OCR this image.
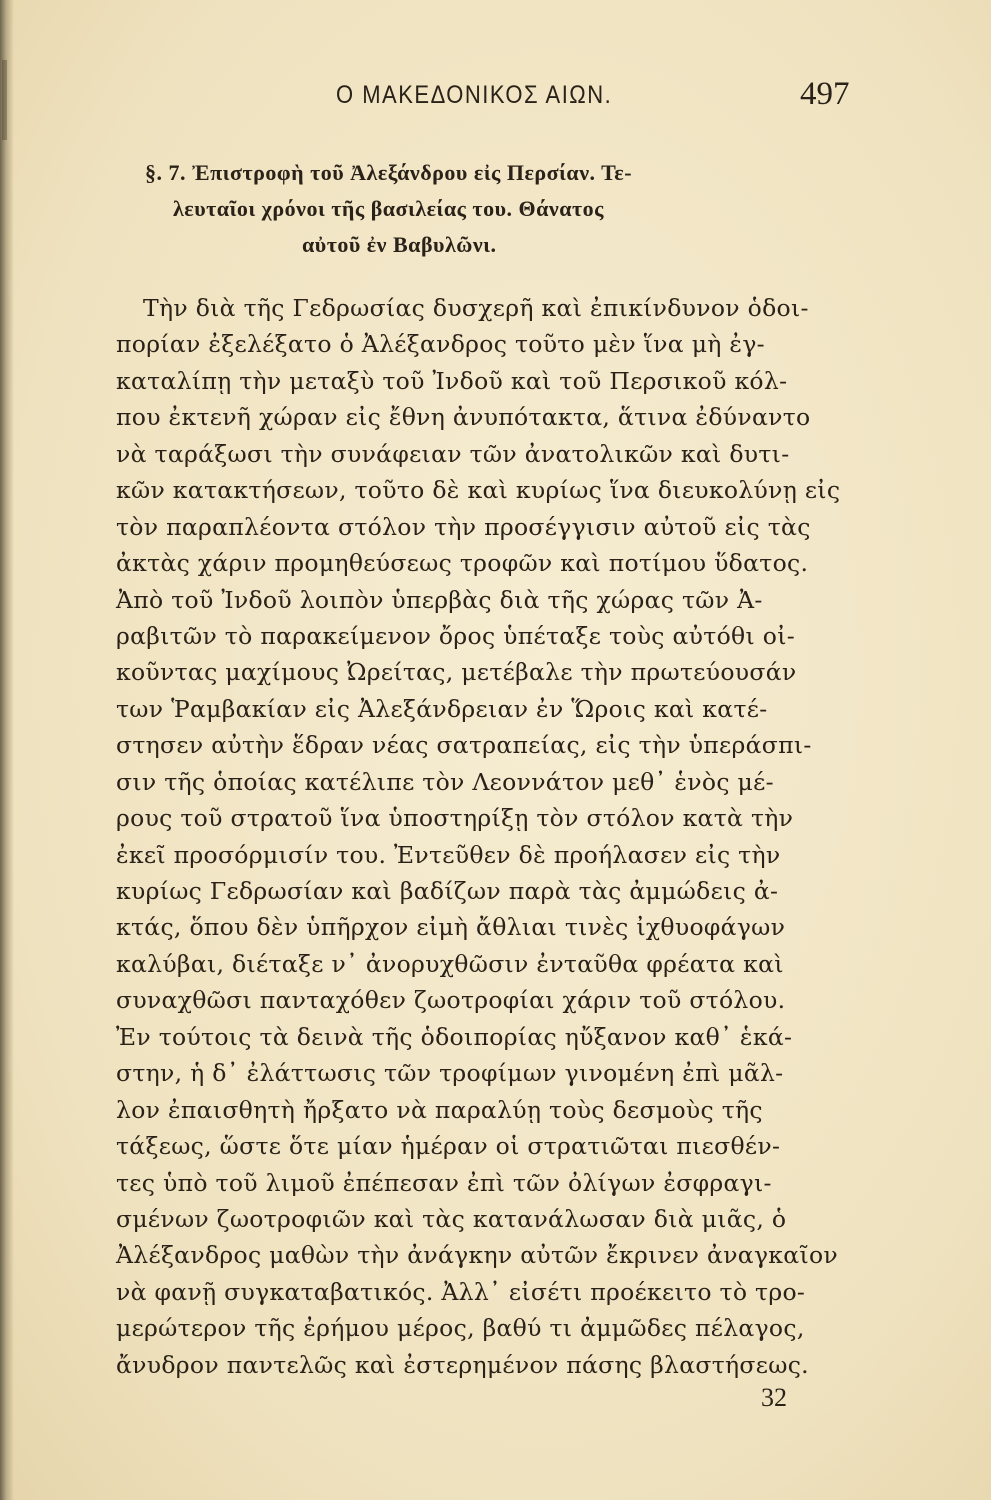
Ο ΜΑΚΕΔΟΝΙΚΟΣ ΑΙΩΝ.	497
§. 7. Ἐπιστροφὴ τοῦ Ἀλεξάνδρου εἰς Περσίαν. Τε-
λευταῖοι χρόνοι τῆς βασιλείας του. Θάνατος
αὐτοῦ ἐν Βαβυλῶνι.
Τὴν διὰ τῆς Γεδρωσίας δυσχερῆ καὶ ἐπικίνδυνον ὁδοι-
πορίαν ἐξελέξατο ὁ Ἀλέξανδρος τοῦτο μὲν ἵνα μὴ ἐγ-
καταλίπῃ τὴν μεταξὺ τοῦ Ἰνδοῦ καὶ τοῦ Περσικοῦ κόλ-
που ἐκτενῆ χώραν εἰς ἔθνη ἀνυπότακτα, ἅτινα ἐδύναντο
νὰ ταράξωσι τὴν συνάφειαν τῶν ἀνατολικῶν καὶ δυτι-
κῶν κατακτήσεων, τοῦτο δὲ καὶ κυρίως ἵνα διευκολύνῃ εἰς
τὸν παραπλέοντα στόλον τὴν προσέγγισιν αὐτοῦ εἰς τὰς
ἀκτὰς χάριν προμηθεύσεως τροφῶν καὶ ποτίμου ὕδατος.
Ἀπὸ τοῦ Ἰνδοῦ λοιπὸν ὑπερβὰς διὰ τῆς χώρας τῶν Ἀ-
ραβιτῶν τὸ παρακείμενον ὄρος ὑπέταξε τοὺς αὐτόθι οἰ-
κοῦντας μαχίμους Ὠρείτας, μετέβαλε τὴν πρωτεύουσάν
των Ῥαμβακίαν εἰς Ἀλεξάνδρειαν ἐν Ὥροις καὶ κατέ-
στησεν αὐτὴν ἕδραν νέας σατραπείας, εἰς τὴν ὑπεράσπι-
σιν τῆς ὁποίας κατέλιπε τὸν Λεοννάτον μεθ᾽ ἑνὸς μέ-
ρους τοῦ στρατοῦ ἵνα ὑποστηρίξῃ τὸν στόλον κατὰ τὴν
ἐκεῖ προσόρμισίν του. Ἐντεῦθεν δὲ προήλασεν εἰς τὴν
κυρίως Γεδρωσίαν καὶ βαδίζων παρὰ τὰς ἀμμώδεις ἀ-
κτάς, ὅπου δὲν ὑπῆρχον εἰμὴ ἄθλιαι τινὲς ἰχθυοφάγων
καλύβαι, διέταξε ν᾽ ἀνορυχθῶσιν ἐνταῦθα φρέατα καὶ
συναχθῶσι πανταχόθεν ζωοτροφίαι χάριν τοῦ στόλου.
Ἐν τούτοις τὰ δεινὰ τῆς ὁδοιπορίας ηὔξανον καθ᾽ ἑκά-
στην, ἡ δ᾽ ἐλάττωσις τῶν τροφίμων γινομένη ἐπὶ μᾶλ-
λον ἐπαισθητὴ ἤρξατο νὰ παραλύῃ τοὺς δεσμοὺς τῆς
τάξεως, ὥστε ὅτε μίαν ἡμέραν οἱ στρατιῶται πιεσθέν-
τες ὑπὸ τοῦ λιμοῦ ἐπέπεσαν ἐπὶ τῶν ὀλίγων ἐσφραγι-
σμένων ζωοτροφιῶν καὶ τὰς κατανάλωσαν διὰ μιᾶς, ὁ
Ἀλέξανδρος μαθὼν τὴν ἀνάγκην αὐτῶν ἔκρινεν ἀναγκαῖον
νὰ φανῇ συγκαταβατικός. Ἀλλ᾽ εἰσέτι προέκειτο τὸ τρο-
μερώτερον τῆς ἐρήμου μέρος, βαθύ τι ἀμμῶδες πέλαγος,
ἄνυδρον παντελῶς καὶ ἐστερημένον πάσης βλαστήσεως.
32
